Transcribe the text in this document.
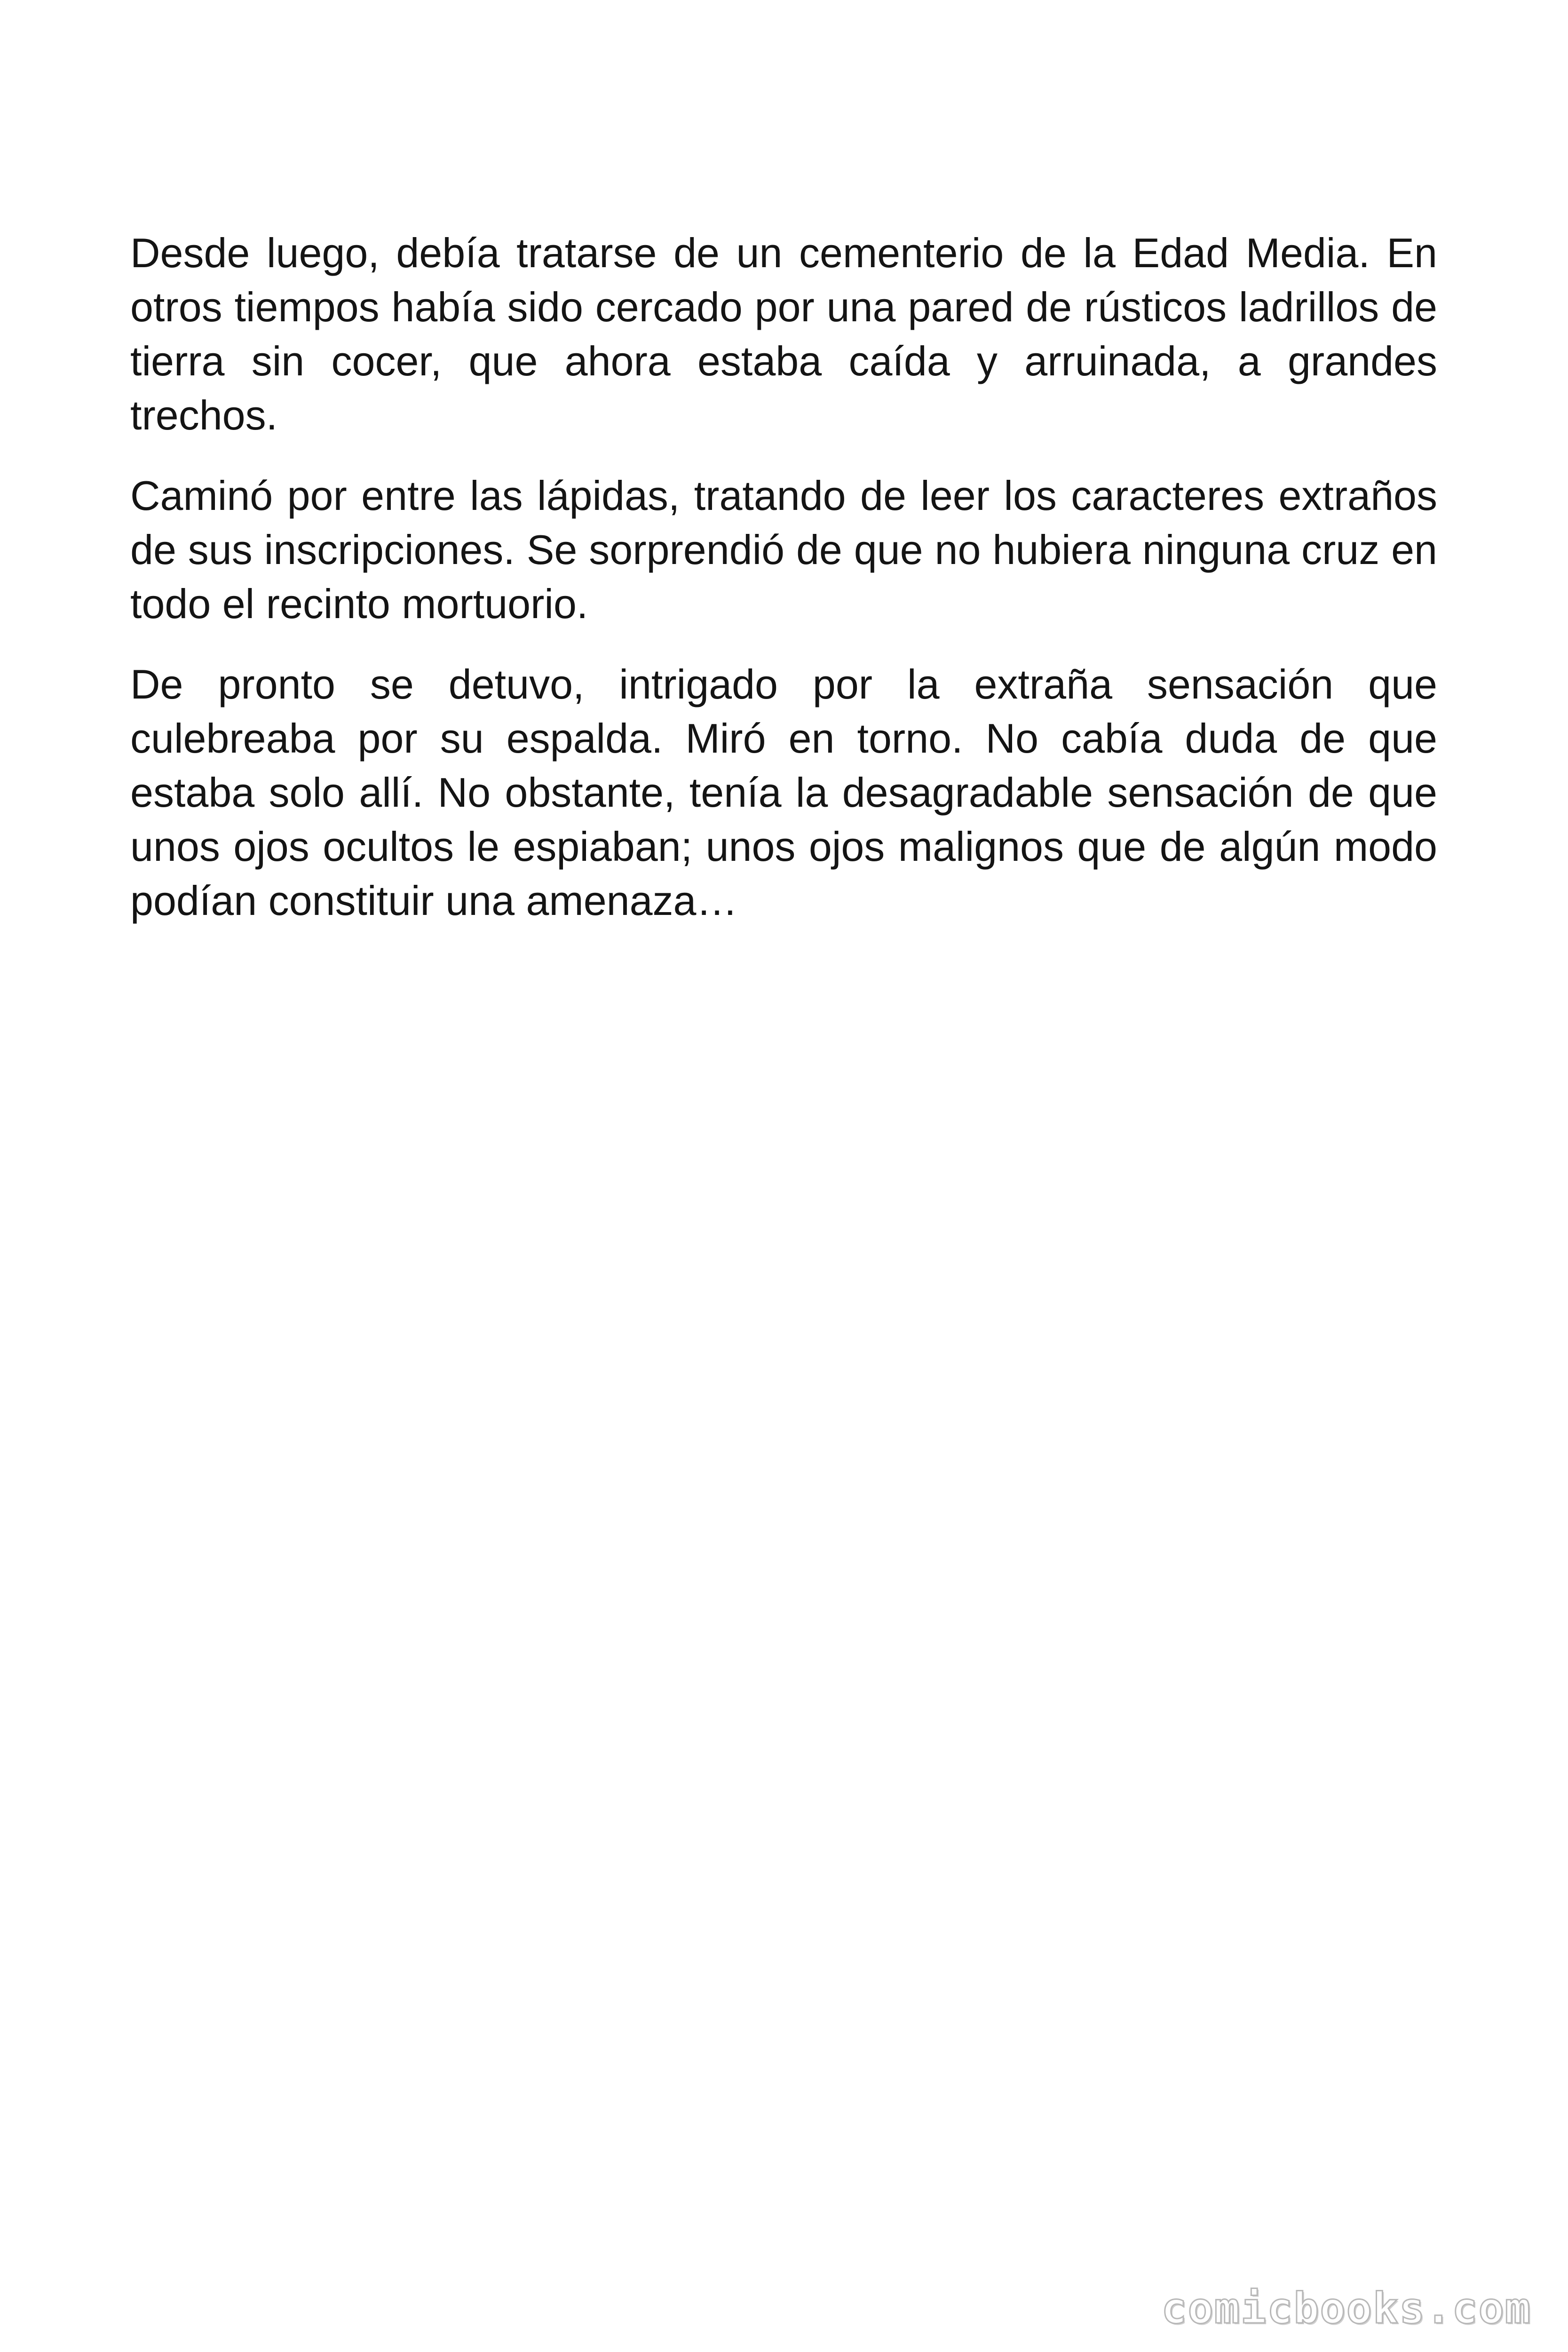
Desde luego, debía tratarse de un cementerio de la Edad Media. En otros tiempos había sido cercado por una pared de rústicos ladrillos de tierra sin cocer, que ahora estaba caída y arruinada, a grandes trechos.

Caminó por entre las lápidas, tratando de leer los caracteres extraños de sus inscripciones. Se sorprendió de que no hubiera ninguna cruz en todo el recinto mortuorio.

De pronto se detuvo, intrigado por la extraña sensación que culebreaba por su espalda. Miró en torno. No cabía duda de que estaba solo allí. No obstante, tenía la desagradable sensación de que unos ojos ocultos le espiaban; unos ojos malignos que de algún modo podían constituir una amenaza…

comicbooks.com
